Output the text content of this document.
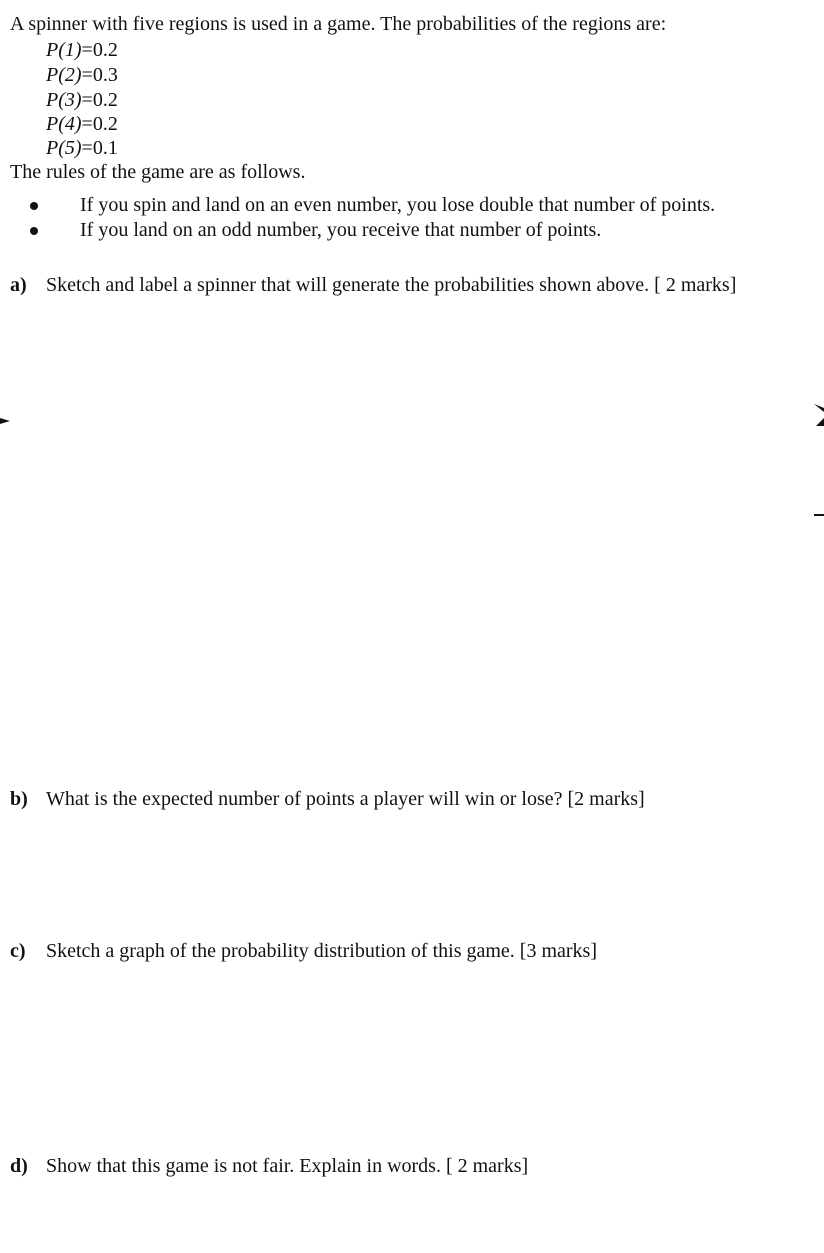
A spinner with five regions is used in a game. The probabilities of the regions are:
P(1)=0.2
P(2)=0.3
P(3)=0.2
P(4)=0.2
P(5)=0.1
The rules of the game are as follows.
If you spin and land on an even number, you lose double that number of points.
If you land on an odd number, you receive that number of points.
a) Sketch and label a spinner that will generate the probabilities shown above. [ 2 marks]
b) What is the expected number of points a player will win or lose? [2 marks]
c) Sketch a graph of the probability distribution of this game. [3 marks]
d) Show that this game is not fair. Explain in words. [ 2 marks]
